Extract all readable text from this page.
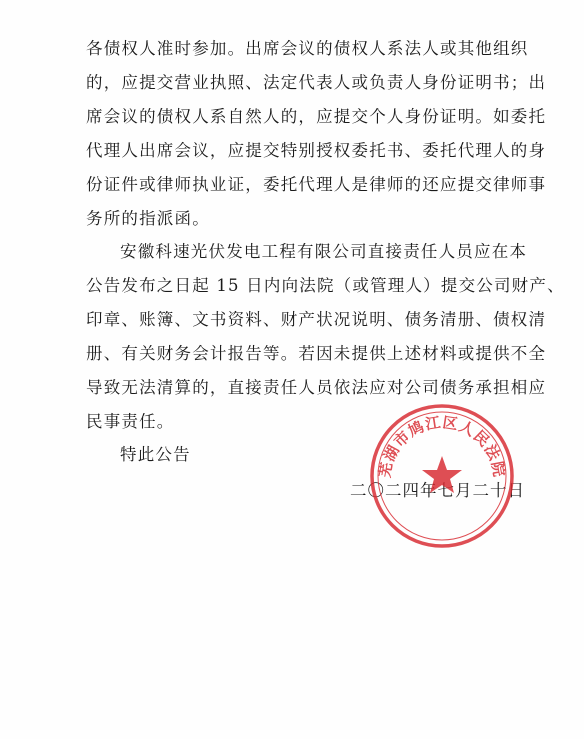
各债权人准时参加。出席会议的债权人系法人或其他组织
的，应提交营业执照、法定代表人或负责人身份证明书；出
席会议的债权人系自然人的，应提交个人身份证明。如委托
代理人出席会议，应提交特别授权委托书、委托代理人的身
份证件或律师执业证，委托代理人是律师的还应提交律师事
务所的指派函。

安徽科速光伏发电工程有限公司直接责任人员应在本
公告发布之日起 15 日内向法院（或管理人）提交公司财产、
印章、账簿、文书资料、财产状况说明、债务清册、债权清
册、有关财务会计报告等。若因未提供上述材料或提供不全
导致无法清算的，直接责任人员依法应对公司债务承担相应
民事责任。

特此公告

二〇二四年七月二十日
芜湖市鸠江区人民法院
